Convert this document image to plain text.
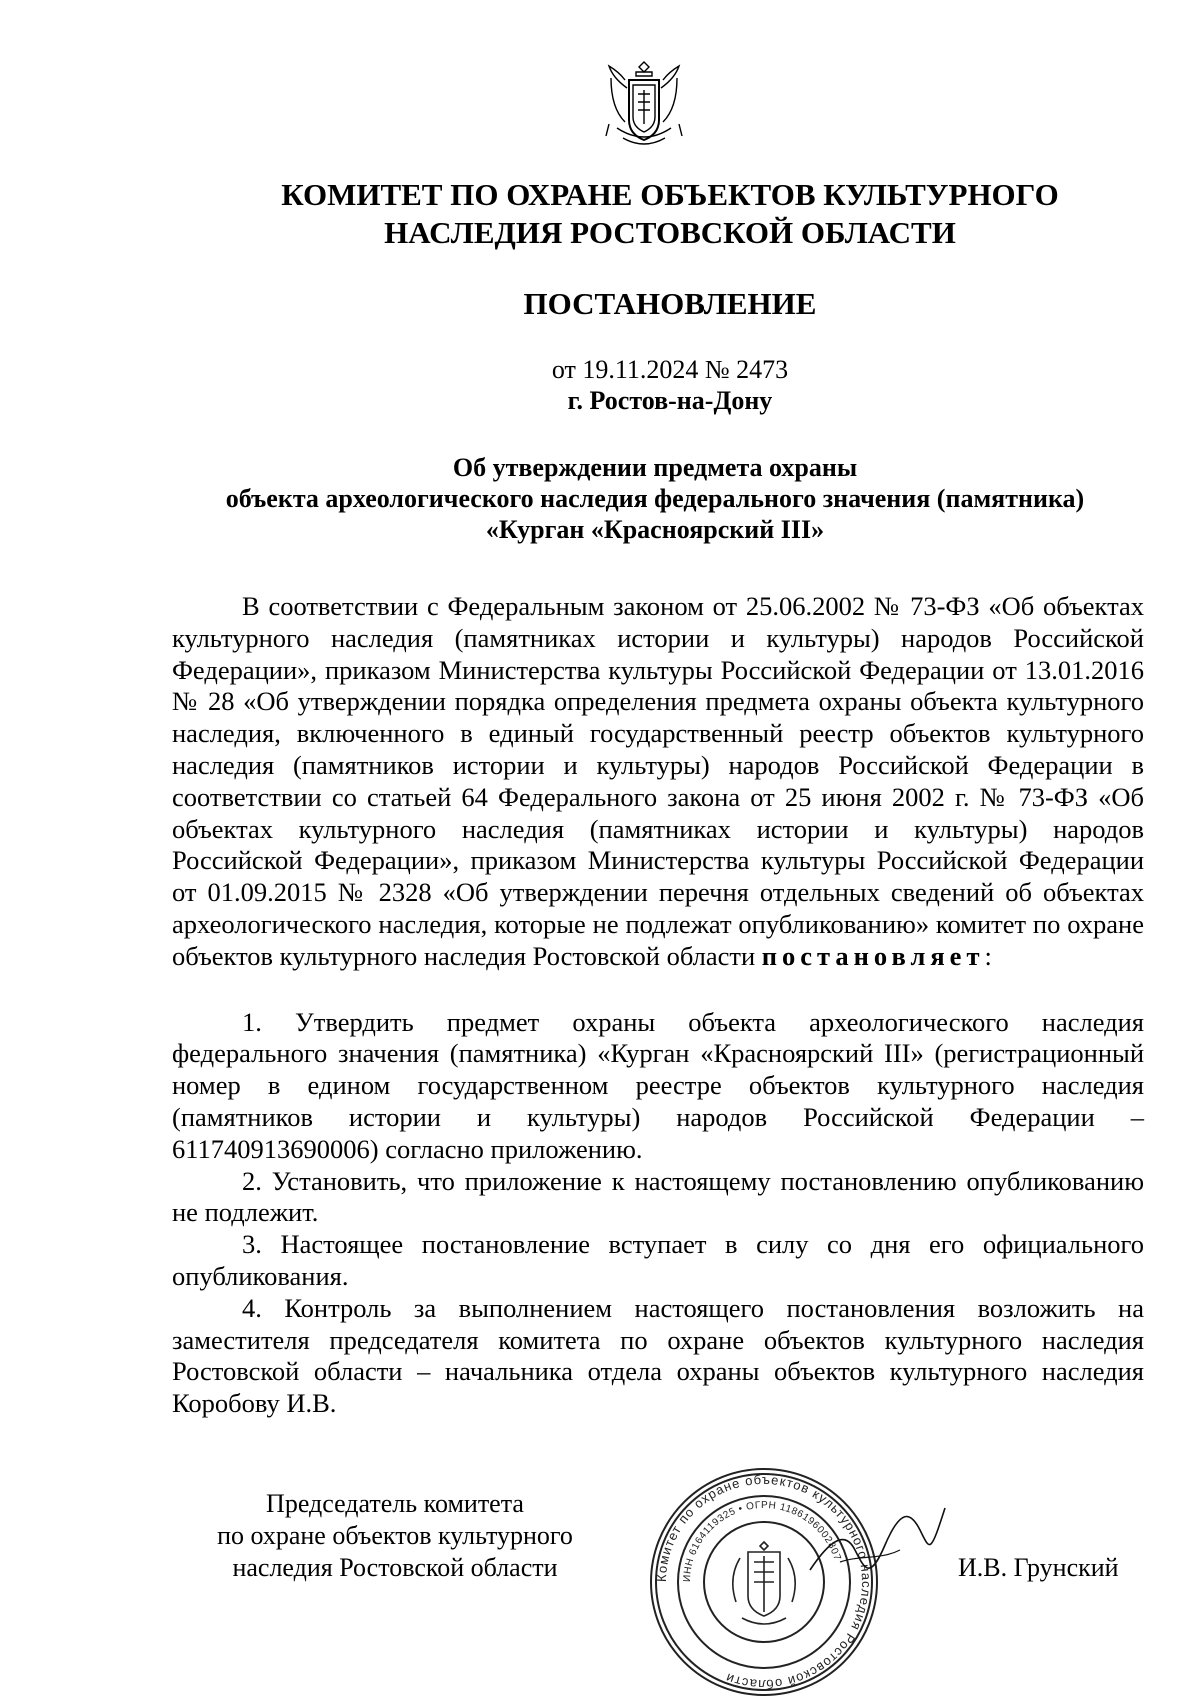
КОМИТЕТ ПО ОХРАНЕ ОБЪЕКТОВ КУЛЬТУРНОГО
НАСЛЕДИЯ РОСТОВСКОЙ ОБЛАСТИ
ПОСТАНОВЛЕНИЕ
от 19.11.2024 № 2473
г. Ростов-на-Дону
Об утверждении предмета охраны
объекта археологического наследия федерального значения (памятника)
«Курган «Красноярский III»

В соответствии с Федеральным законом от 25.06.2002 № 73-ФЗ «Об объектах культурного наследия (памятниках истории и культуры) народов Российской Федерации», приказом Министерства культуры Российской Федерации от 13.01.2016 № 28 «Об утверждении порядка определения предмета охраны объекта культурного наследия, включенного в единый государственный реестр объектов культурного наследия (памятников истории и культуры) народов Российской Федерации в соответствии со статьей 64 Федерального закона от 25 июня 2002 г. № 73-ФЗ «Об объектах культурного наследия (памятниках истории и культуры) народов Российской Федерации», приказом Министерства культуры Российской Федерации от 01.09.2015 № 2328 «Об утверждении перечня отдельных сведений об объектах археологического наследия, которые не подлежат опубликованию» комитет по охране объектов культурного наследия Ростовской области постановляет:

1. Утвердить предмет охраны объекта археологического наследия федерального значения (памятника) «Курган «Красноярский III» (регистрационный номер в едином государственном реестре объектов культурного наследия (памятников истории и культуры) народов Российской Федерации – 611740913690006) согласно приложению.

2. Установить, что приложение к настоящему постановлению опубликованию не подлежит.

3. Настоящее постановление вступает в силу со дня его официального опубликования.

4. Контроль за выполнением настоящего постановления возложить на заместителя председателя комитета по охране объектов культурного наследия Ростовской области – начальника отдела охраны объектов культурного наследия Коробову И.В.

Председатель комитета
по охране объектов культурного
наследия Ростовской области	Комитет по охране объектов культурного наследия Ростовской области
ИНН 6164119325 • ОГРН 1186196002807	И.В. Грунский
